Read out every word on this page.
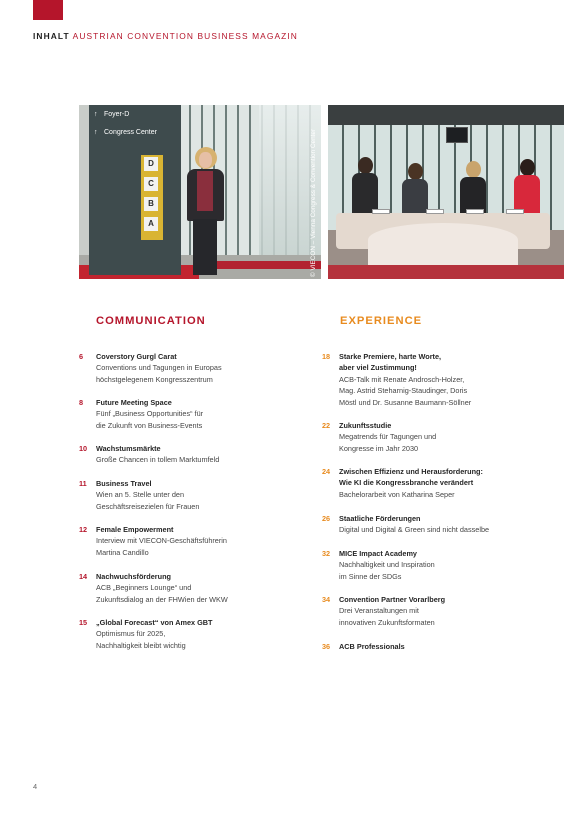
INHALT AUSTRIAN CONVENTION BUSINESS MAGAZIN
↑ Foyer-D
↑ Congress Center
D
C
B
A	© VIECON – Vienna Congress & Convention Center
COMMUNICATION
6 Coverstory Gurgl Carat
Conventions und Tagungen in Europas
höchstgelegenem Kongresszentrum
8 Future Meeting Space
Fünf „Business Opportunities“ für
die Zukunft von Business-Events
10 Wachstumsmärkte
Große Chancen in tollem Marktumfeld
11 Business Travel
Wien an 5. Stelle unter den
Geschäftsreisezielen für Frauen
12 Female Empowerment
Interview mit VIECON-Geschäftsführerin
Martina Candillo
14 Nachwuchsförderung
ACB „Beginners Lounge“ und
Zukunftsdialog an der FHWien der WKW
15 „Global Forecast“ von Amex GBT
Optimismus für 2025,
Nachhaltigkeit bleibt wichtig
EXPERIENCE
18 Starke Premiere, harte Worte,
aber viel Zustimmung!
ACB-Talk mit Renate Androsch-Holzer,
Mag. Astrid Steharnig-Staudinger, Doris
Möstl und Dr. Susanne Baumann-Söllner
22 Zukunftsstudie
Megatrends für Tagungen und
Kongresse im Jahr 2030
24 Zwischen Effizienz und Herausforderung:
Wie KI die Kongressbranche verändert
Bachelorarbeit von Katharina Seper
26 Staatliche Förderungen
Digital und Digital & Green sind nicht dasselbe
32 MICE Impact Academy
Nachhaltigkeit und Inspiration
im Sinne der SDGs
34 Convention Partner Vorarlberg
Drei Veranstaltungen mit
innovativen Zukunftsformaten
36 ACB Professionals
4
